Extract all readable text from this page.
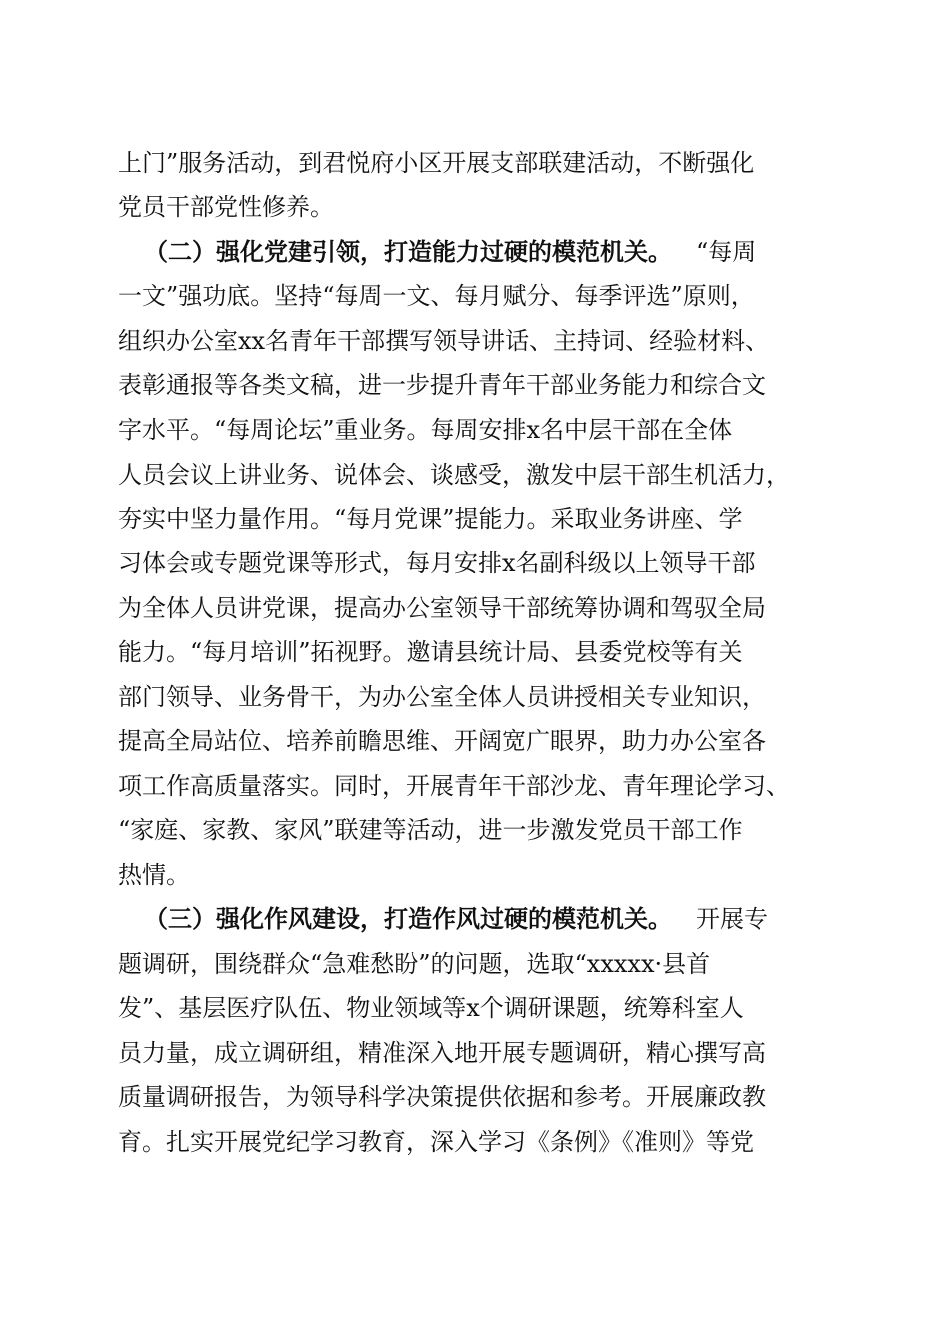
上门”服务活动，到君悦府小区开展支部联建活动，不断强化
党员干部党性修养。
（二）强化党建引领，打造能力过硬的模范机关。 “每周
一文”强功底。坚持“每周一文、每月赋分、每季评选”原则，
组织办公室xx名青年干部撰写领导讲话、主持词、经验材料、
表彰通报等各类文稿，进一步提升青年干部业务能力和综合文
字水平。“每周论坛”重业务。每周安排x名中层干部在全体
人员会议上讲业务、说体会、谈感受，激发中层干部生机活力，
夯实中坚力量作用。“每月党课”提能力。采取业务讲座、学
习体会或专题党课等形式，每月安排x名副科级以上领导干部
为全体人员讲党课，提高办公室领导干部统筹协调和驾驭全局
能力。“每月培训”拓视野。邀请县统计局、县委党校等有关
部门领导、业务骨干，为办公室全体人员讲授相关专业知识，
提高全局站位、培养前瞻思维、开阔宽广眼界，助力办公室各
项工作高质量落实。同时，开展青年干部沙龙、青年理论学习、
“家庭、家教、家风”联建等活动，进一步激发党员干部工作
热情。
（三）强化作风建设，打造作风过硬的模范机关。 开展专
题调研，围绕群众“急难愁盼”的问题，选取“xxxxx·县首
发”、基层医疗队伍、物业领域等x个调研课题，统筹科室人
员力量，成立调研组，精准深入地开展专题调研，精心撰写高
质量调研报告，为领导科学决策提供依据和参考。开展廉政教
育。扎实开展党纪学习教育，深入学习《条例》《准则》等党
